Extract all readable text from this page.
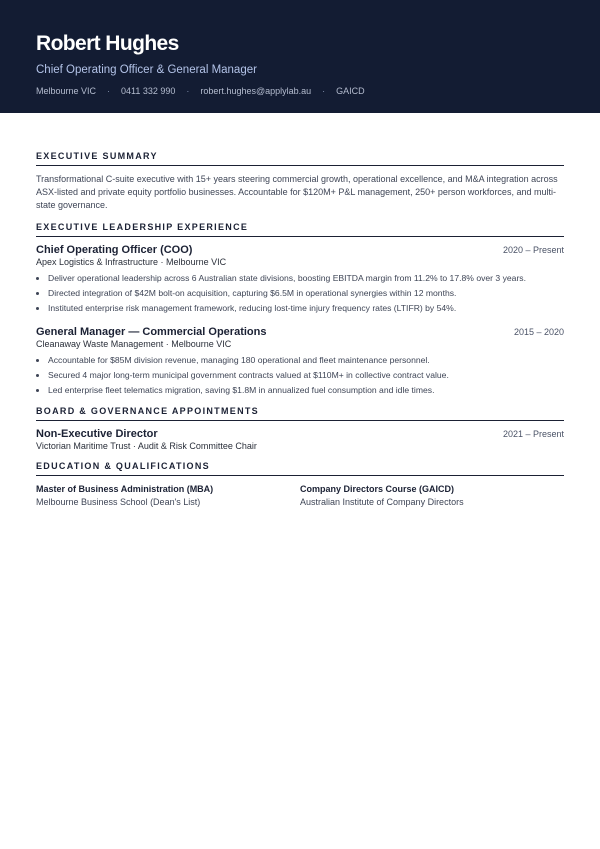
Robert Hughes
Chief Operating Officer & General Manager
Melbourne VIC · 0411 332 990 · robert.hughes@applylab.au · GAICD
EXECUTIVE SUMMARY
Transformational C-suite executive with 15+ years steering commercial growth, operational excellence, and M&A integration across ASX-listed and private equity portfolio businesses. Accountable for $120M+ P&L management, 250+ person workforces, and multi-state governance.
EXECUTIVE LEADERSHIP EXPERIENCE
Chief Operating Officer (COO)	2020 – Present
Apex Logistics & Infrastructure · Melbourne VIC
• Deliver operational leadership across 6 Australian state divisions, boosting EBITDA margin from 11.2% to 17.8% over 3 years.
• Directed integration of $42M bolt-on acquisition, capturing $6.5M in operational synergies within 12 months.
• Instituted enterprise risk management framework, reducing lost-time injury frequency rates (LTIFR) by 54%.
General Manager — Commercial Operations	2015 – 2020
Cleanaway Waste Management · Melbourne VIC
• Accountable for $85M division revenue, managing 180 operational and fleet maintenance personnel.
• Secured 4 major long-term municipal government contracts valued at $110M+ in collective contract value.
• Led enterprise fleet telematics migration, saving $1.8M in annualized fuel consumption and idle times.
BOARD & GOVERNANCE APPOINTMENTS
Non-Executive Director	2021 – Present
Victorian Maritime Trust · Audit & Risk Committee Chair
EDUCATION & QUALIFICATIONS
Master of Business Administration (MBA)
Melbourne Business School (Dean's List)
Company Directors Course (GAICD)
Australian Institute of Company Directors
